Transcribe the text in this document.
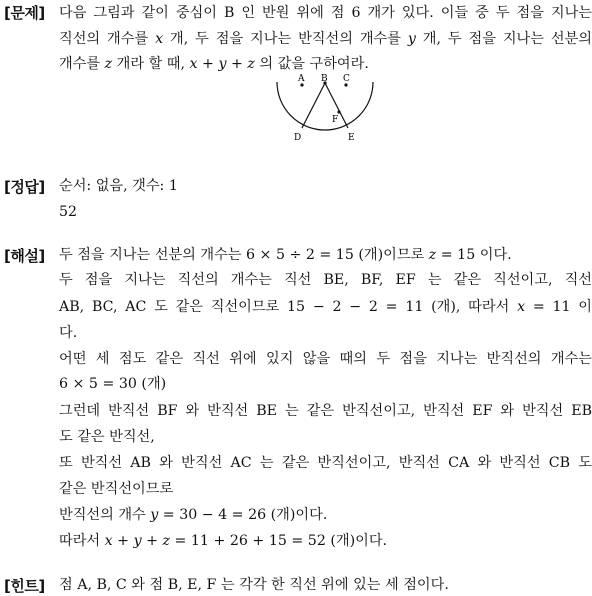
[문제] 다음 그림과 같이 중심이 B 인 반원 위에 점 6 개가 있다. 이들 중 두 점을 지나는
직선의 개수를 x 개, 두 점을 지나는 반직선의 개수를 y 개, 두 점을 지나는 선분의
개수를 z 개라 할 때, x + y + z 의 값을 구하여라.
A B C
D	E
F
[정답] 순서: 없음, 갯수: 1
52
[해설] 두 점을 지나는 선분의 개수는 6 × 5 ÷ 2 = 15 (개)이므로 z = 15 이다.
두 점을 지나는 직선의 개수는 직선 BE, BF, EF 는 같은 직선이고, 직선
AB, BC, AC 도 같은 직선이므로 15 − 2 − 2 = 11 (개), 따라서 x = 11 이
다.
어떤 세 점도 같은 직선 위에 있지 않을 때의 두 점을 지나는 반직선의 개수는
6 × 5 = 30 (개)
그런데 반직선 BF 와 반직선 BE 는 같은 반직선이고, 반직선 EF 와 반직선 EB
도 같은 반직선,
또 반직선 AB 와 반직선 AC 는 같은 반직선이고, 반직선 CA 와 반직선 CB 도
같은 반직선이므로
반직선의 개수 y = 30 − 4 = 26 (개)이다.
따라서 x + y + z = 11 + 26 + 15 = 52 (개)이다.
[힌트] 점 A, B, C 와 점 B, E, F 는 각각 한 직선 위에 있는 세 점이다.
